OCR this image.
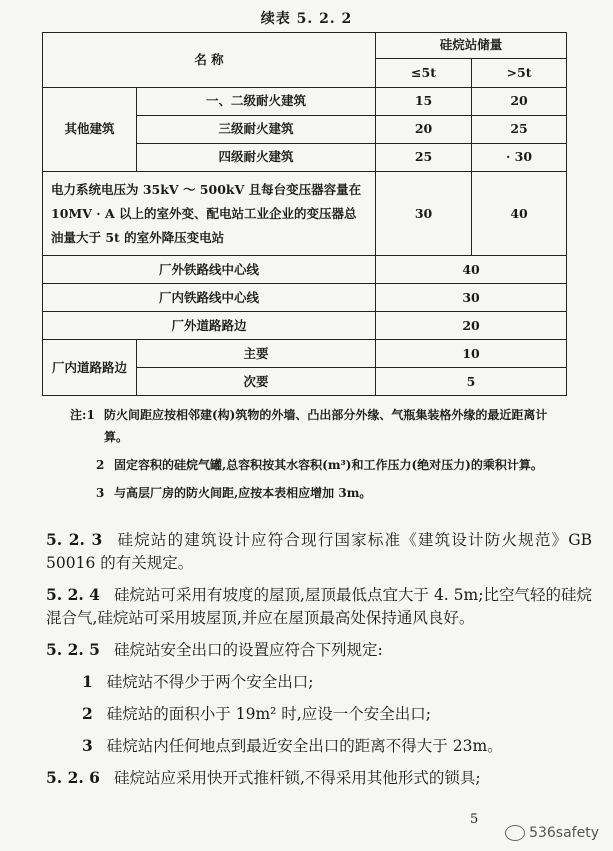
续表 5. 2. 2
名 称		硅烷站储量	
		≤5t	>5t
其他建筑	一、二级耐火建筑	15	20
	三级耐火建筑	20	25
	四级耐火建筑	25	· 30
电力系统电压为 35kV ～ 500kV 且每台变压器容量在 10MV · A 以上的室外变、配电站工业企业的变压器总油量大于 5t 的室外降压变电站		30	40
厂外铁路线中心线		40	
厂内铁路线中心线		30	
厂外道路路边		20	
厂内道路路边	主要	10	
	次要	5	
注:1 防火间距应按相邻建(构)筑物的外墙、凸出部分外缘、气瓶集装格外缘的最近距离计算。
2 固定容积的硅烷气罐,总容积按其水容积(m³)和工作压力(绝对压力)的乘积计算。
3 与高层厂房的防火间距,应按本表相应增加 3m。
5. 2. 3 硅烷站的建筑设计应符合现行国家标准《建筑设计防火规范》GB 50016 的有关规定。
5. 2. 4 硅烷站可采用有坡度的屋顶,屋顶最低点宜大于 4. 5m;比空气轻的硅烷混合气,硅烷站可采用坡屋顶,并应在屋顶最高处保持通风良好。
5. 2. 5 硅烷站安全出口的设置应符合下列规定:
1 硅烷站不得少于两个安全出口;
2 硅烷站的面积小于 19m² 时,应设一个安全出口;
3 硅烷站内任何地点到最近安全出口的距离不得大于 23m。
5. 2. 6 硅烷站应采用快开式推杆锁,不得采用其他形式的锁具;
5
536safety
